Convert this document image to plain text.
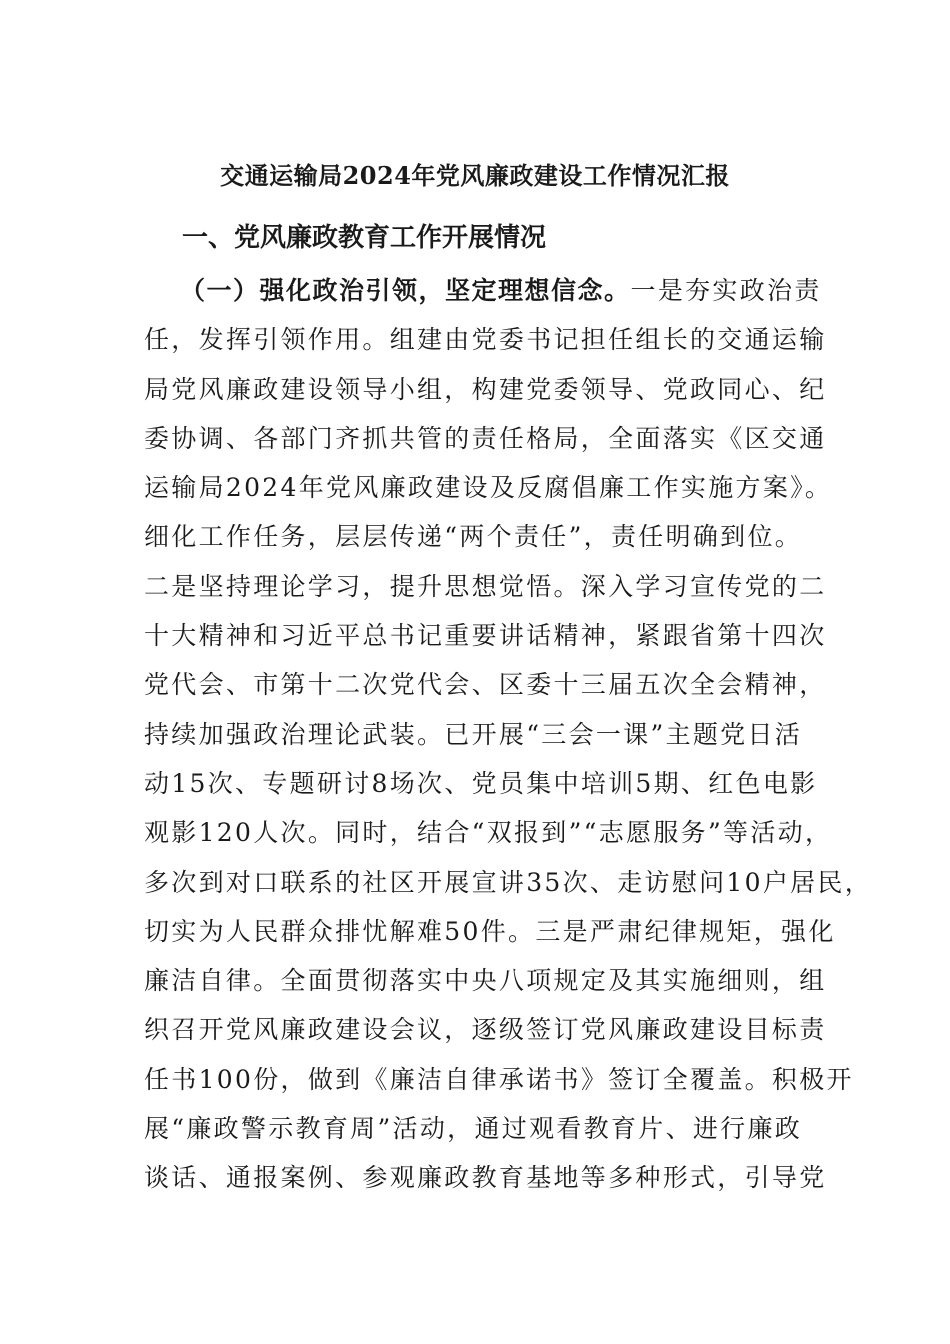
交通运输局2024年党风廉政建设工作情况汇报
一、党风廉政教育工作开展情况
（一）强化政治引领，坚定理想信念。一是夯实政治责
任，发挥引领作用。组建由党委书记担任组长的交通运输
局党风廉政建设领导小组，构建党委领导、党政同心、纪
委协调、各部门齐抓共管的责任格局，全面落实《区交通
运输局2024年党风廉政建设及反腐倡廉工作实施方案》。
细化工作任务，层层传递“两个责任”，责任明确到位。
二是坚持理论学习，提升思想觉悟。深入学习宣传党的二
十大精神和习近平总书记重要讲话精神，紧跟省第十四次
党代会、市第十二次党代会、区委十三届五次全会精神，
持续加强政治理论武装。已开展“三会一课”主题党日活
动15次、专题研讨8场次、党员集中培训5期、红色电影
观影120人次。同时，结合“双报到”“志愿服务”等活动，
多次到对口联系的社区开展宣讲35次、走访慰问10户居民，
切实为人民群众排忧解难50件。三是严肃纪律规矩，强化
廉洁自律。全面贯彻落实中央八项规定及其实施细则，组
织召开党风廉政建设会议，逐级签订党风廉政建设目标责
任书100份，做到《廉洁自律承诺书》签订全覆盖。积极开
展“廉政警示教育周”活动，通过观看教育片、进行廉政
谈话、通报案例、参观廉政教育基地等多种形式，引导党
